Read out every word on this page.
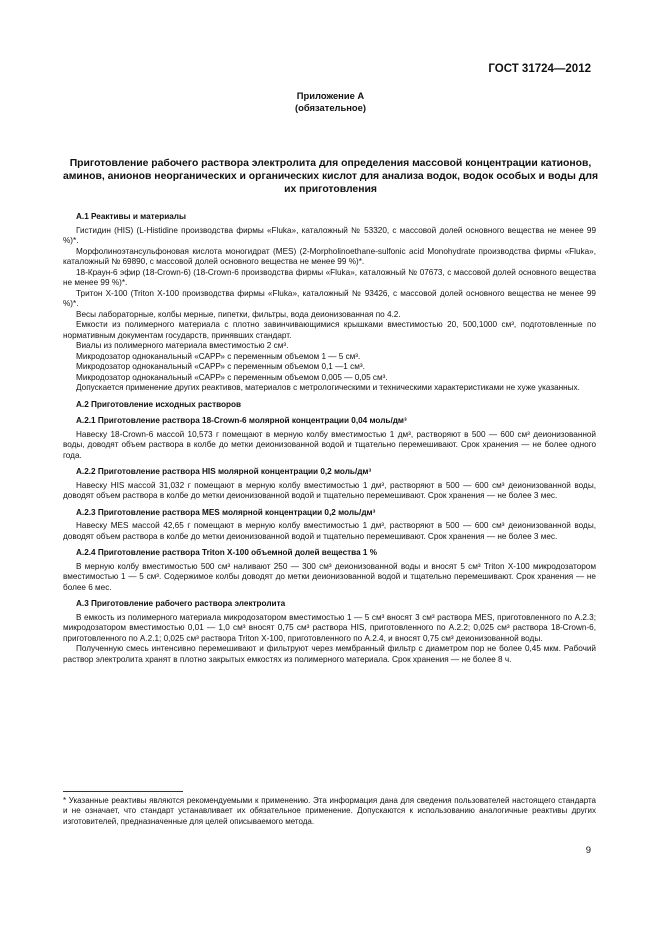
ГОСТ 31724—2012
Приложение А
(обязательное)
Приготовление рабочего раствора электролита для определения массовой концентрации катионов, аминов, анионов неорганических и органических кислот для анализа водок, водок особых и воды для их приготовления

А.1 Реактивы и материалы

Гистидин (HIS) (L-Histidine производства фирмы «Fluka», каталожный № 53320, с массовой долей основного вещества не менее 99 %)*.

Морфолиноэтансульфоновая кислота моногидрат (MES) (2-Morpholinoethane-sulfonic acid Monohydrate производства фирмы «Fluka», каталожный № 69890, с массовой долей основного вещества не менее 99 %)*.

18-Краун-6 эфир (18-Crown-6) (18-Crown-6 производства фирмы «Fluka», каталожный № 07673, с массовой долей основного вещества не менее 99 %)*.

Тритон Х-100 (Triton X-100 производства фирмы «Fluka», каталожный № 93426, с массовой долей основного вещества не менее 99 %)*.

Весы лабораторные, колбы мерные, пипетки, фильтры, вода деионизованная по 4.2.

Емкости из полимерного материала с плотно завинчивающимися крышками вместимостью 20, 500,1000 см³, подготовленные по нормативным документам государств, принявших стандарт.

Виалы из полимерного материала вместимостью 2 см³.

Микродозатор одноканальный «САРР» с переменным объемом 1 — 5 см³.

Микродозатор одноканальный «САРР» с переменным объемом 0,1 —1 см³.

Микродозатор одноканальный «САРР» с переменным объемом 0,005 — 0,05 см³.

Допускается применение других реактивов, материалов с метрологическими и техническими характеристиками не хуже указанных.

А.2 Приготовление исходных растворов

А.2.1 Приготовление раствора 18-Crown-6 молярной концентрации 0,04 моль/дм³

Навеску 18-Crown-6 массой 10,573 г помещают в мерную колбу вместимостью 1 дм³, растворяют в 500 — 600 см³ деионизованной воды, доводят объем раствора в колбе до метки деионизованной водой и тщательно перемешивают. Срок хранения — не более одного года.

А.2.2 Приготовление раствора HIS молярной концентрации 0,2 моль/дм³

Навеску HIS массой 31,032 г помещают в мерную колбу вместимостью 1 дм³, растворяют в 500 — 600 см³ деионизованной воды, доводят объем раствора в колбе до метки деионизованной водой и тщательно перемешивают. Срок хранения — не более 3 мес.

А.2.3 Приготовление раствора MES молярной концентрации 0,2 моль/дм³

Навеску MES массой 42,65 г помещают в мерную колбу вместимостью 1 дм³, растворяют в 500 — 600 см³ деионизованной воды, доводят объем раствора в колбе до метки деионизованной водой и тщательно перемешивают. Срок хранения — не более 3 мес.

А.2.4 Приготовление раствора Triton X-100 объемной долей вещества 1 %

В мерную колбу вместимостью 500 см³ наливают 250 — 300 см³ деионизованной воды и вносят 5 см³ Triton X-100 микродозатором вместимостью 1 — 5 см³. Содержимое колбы доводят до метки деионизованной водой и тщательно перемешивают. Срок хранения — не более 6 мес.

А.3 Приготовление рабочего раствора электролита

В емкость из полимерного материала микродозатором вместимостью 1 — 5 см³ вносят 3 см³ раствора MES, приготовленного по А.2.3; микродозатором вместимостью 0,01 — 1,0 см³ вносят 0,75 см³ раствора HIS, приготовленного по А.2.2; 0,025 см³ раствора 18-Crown-6, приготовленного по А.2.1; 0,025 см³ раствора Triton X-100, приготовленного по А.2.4, и вносят 0,75 см³ деионизованной воды.

Полученную смесь интенсивно перемешивают и фильтруют через мембранный фильтр с диаметром пор не более 0,45 мкм. Рабочий раствор электролита хранят в плотно закрытых емкостях из полимерного материала. Срок хранения — не более 8 ч.

* Указанные реактивы являются рекомендуемыми к применению. Эта информация дана для сведения пользователей настоящего стандарта и не означает, что стандарт устанавливает их обязательное применение. Допускаются к использованию аналогичные реактивы других изготовителей, предназначенные для целей описываемого метода.
9
